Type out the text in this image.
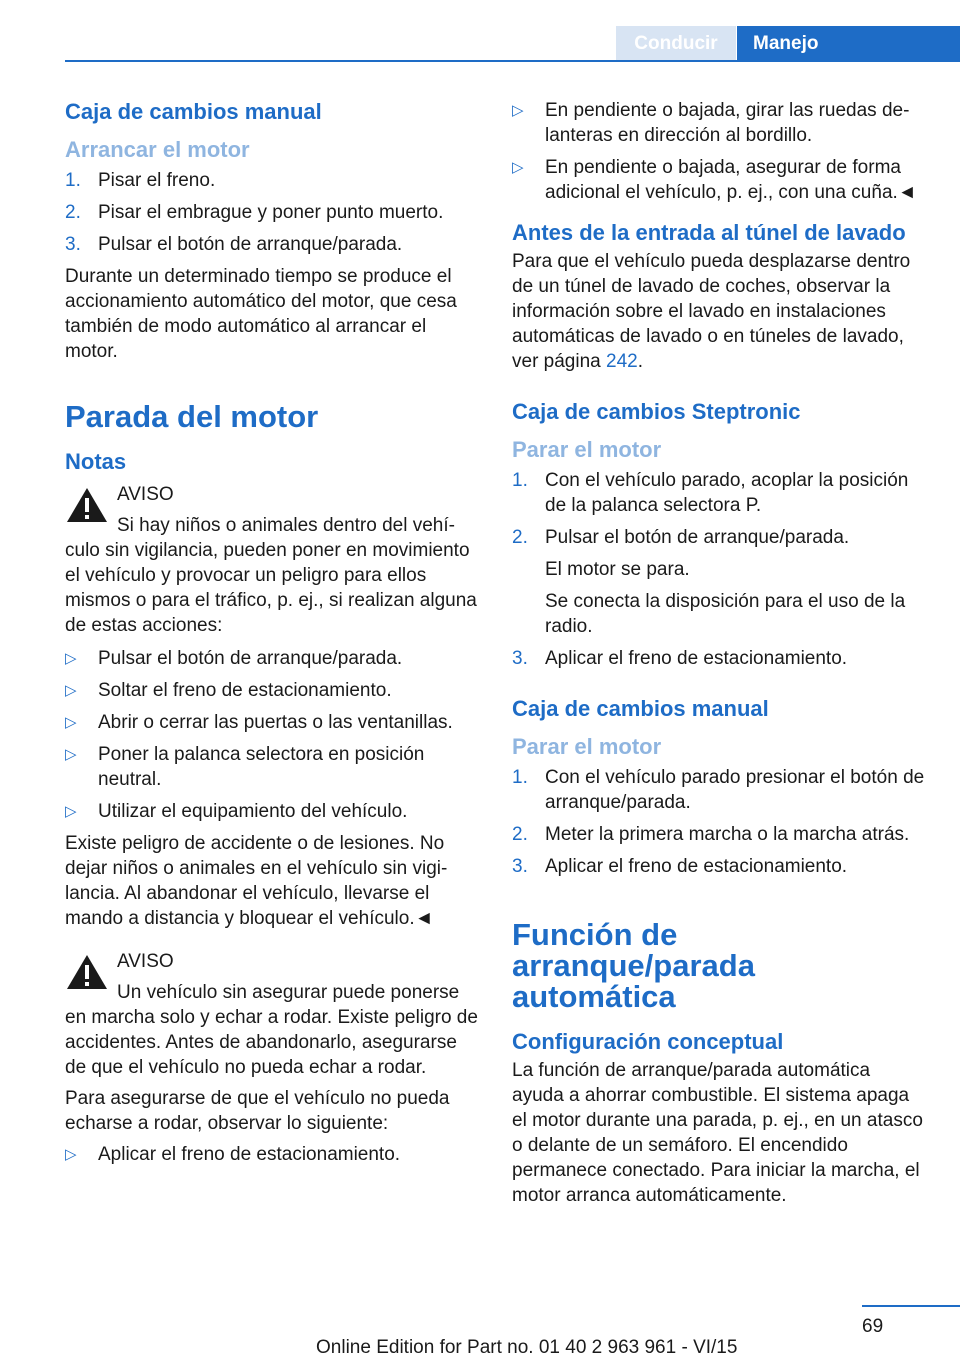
Conducir	Manejo
Caja de cambios manual
Arrancar el motor
1. Pisar el freno.
2. Pisar el embrague y poner punto muerto.
3. Pulsar el botón de arranque/parada.

Durante un determinado tiempo se produce el accionamiento automático del motor, que cesa también de modo automático al arrancar el motor.

Parada del motor
Notas
AVISO
Si hay niños o animales dentro del vehículo sin vigilancia, pueden poner en movimiento el vehículo y provocar un peligro para ellos mismos o para el tráfico, p. ej., si realizan alguna de estas acciones:
▷ Pulsar el botón de arranque/parada.
▷ Soltar el freno de estacionamiento.
▷ Abrir o cerrar las puertas o las ventanillas.
▷ Poner la palanca selectora en posición neutral.
▷ Utilizar el equipamiento del vehículo.

Existe peligro de accidente o de lesiones. No dejar niños o animales en el vehículo sin vigilancia. Al abandonar el vehículo, llevarse el mando a distancia y bloquear el vehículo.◄

AVISO
Un vehículo sin asegurar puede ponerse en marcha solo y echar a rodar. Existe peligro de accidentes. Antes de abandonarlo, asegurarse de que el vehículo no pueda echar a rodar.

Para asegurarse de que el vehículo no pueda echarse a rodar, observar lo siguiente:

▷ Aplicar el freno de estacionamiento.
▷ En pendiente o bajada, girar las ruedas delanteras en dirección al bordillo.
▷ En pendiente o bajada, asegurar de forma adicional el vehículo, p. ej., con una cuña.◄
Antes de la entrada al túnel de lavado

Para que el vehículo pueda desplazarse dentro de un túnel de lavado de coches, observar la información sobre el lavado en instalaciones automáticas de lavado o en túneles de lavado, ver página 242.

Caja de cambios Steptronic
Parar el motor
1. Con el vehículo parado, acoplar la posición de la palanca selectora P.
2. Pulsar el botón de arranque/parada.
El motor se para.
Se conecta la disposición para el uso de la radio.
3. Aplicar el freno de estacionamiento.
Caja de cambios manual
Parar el motor
1. Con el vehículo parado presionar el botón de arranque/parada.
2. Meter la primera marcha o la marcha atrás.
3. Aplicar el freno de estacionamiento.
Función de arranque/parada automática
Configuración conceptual

La función de arranque/parada automática ayuda a ahorrar combustible. El sistema apaga el motor durante una parada, p. ej., en un atasco o delante de un semáforo. El encendido permanece conectado. Para iniciar la marcha, el motor arranca automáticamente.

69
Online Edition for Part no. 01 40 2 963 961 - VI/15
